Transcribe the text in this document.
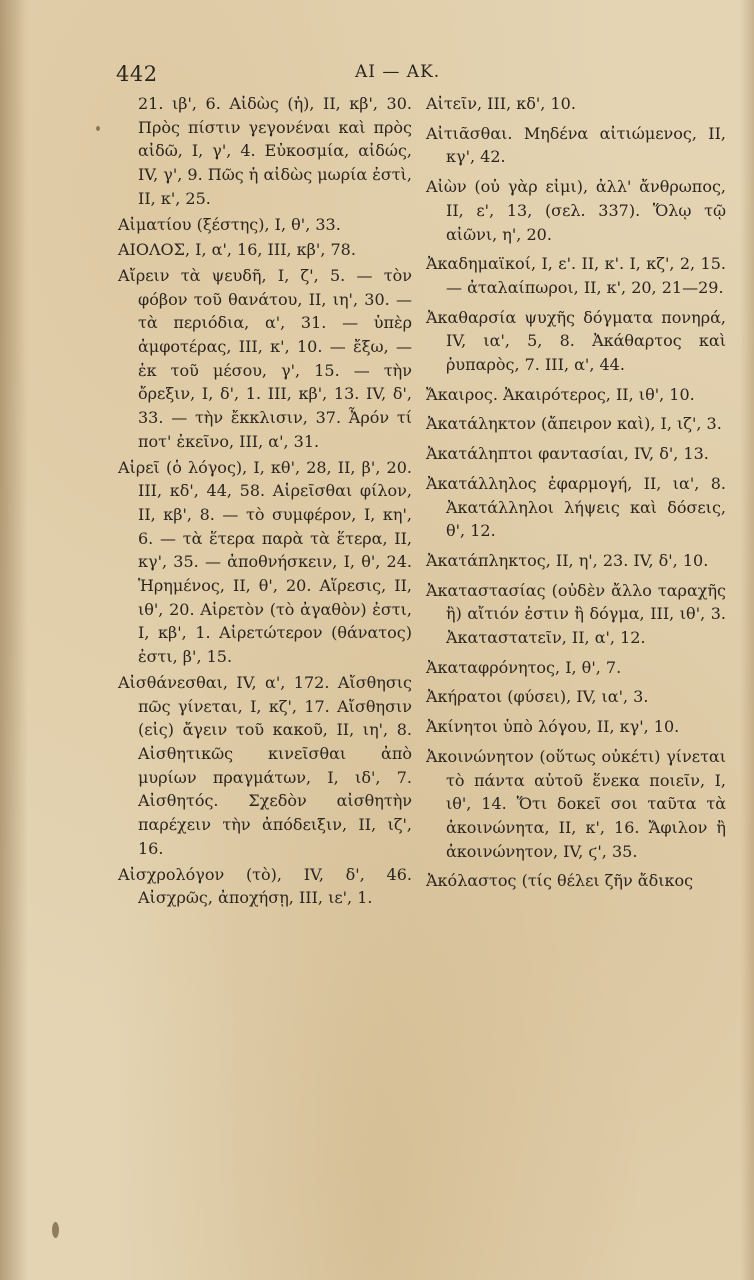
442	ΑΙ — ΑΚ.

21. ιβ', 6. Αἰδὼς (ἡ), ΙΙ, κβ', 30. Πρὸς πίστιν γεγονέναι καὶ πρὸς αἰδῶ, Ι, γ', 4. Εὐκοσμία, αἰδώς, ΙV, γ', 9. Πῶς ἡ αἰδὼς μωρία ἐστὶ, ΙΙ, κ', 25.

Αἰματίου (ξέστης), Ι, θ', 33.

ΑΙΟΛΟΣ, Ι, α', 16, ΙΙΙ, κβ', 78.

Αἴρειν τὰ ψευδῆ, Ι, ζ', 5. — τὸν φόβον τοῦ θανάτου, ΙΙ, ιη', 30. — τὰ περιόδια, α', 31. — ὑπὲρ ἀμφοτέρας, ΙΙΙ, κ', 10. — ἔξω, — ἐκ τοῦ μέσου, γ', 15. — τὴν ὄρεξιν, Ι, δ', 1. ΙΙΙ, κβ', 13. ΙV, δ', 33. — τὴν ἔκκλισιν, 37. Ἆρόν τί ποτ' ἐκεῖνο, ΙΙΙ, α', 31.

Αἱρεῖ (ὁ λόγος), Ι, κθ', 28, ΙΙ, β', 20. ΙΙΙ, κδ', 44, 58. Αἱρεῖσθαι φίλον, ΙΙ, κβ', 8. — τὸ συμφέρον, Ι, κη', 6. — τὰ ἕτερα παρὰ τὰ ἕτερα, ΙΙ, κγ', 35. — ἀποθνήσκειν, Ι, θ', 24. Ἡρημένος, ΙΙ, θ', 20. Αἵρεσις, ΙΙ, ιθ', 20. Αἱρετὸν (τὸ ἀγαθὸν) ἐστι, Ι, κβ', 1. Αἱρετώτερον (θάνατος) ἐστι, β', 15.

Αἰσθάνεσθαι, ΙV, α', 172. Αἴσθησις πῶς γίνεται, Ι, κζ', 17. Αἴσθησιν (εἰς) ἄγειν τοῦ κακοῦ, ΙΙ, ιη', 8. Αἰσθητικῶς κινεῖσθαι ἀπὸ μυρίων πραγμάτων, Ι, ιδ', 7. Αἰσθητός. Σχεδὸν αἰσθητὴν παρέχειν τὴν ἀπόδειξιν, ΙΙ, ιζ', 16.

Αἰσχρολόγον (τὸ), ΙV, δ', 46. Αἰσχρῶς, ἀποχήσῃ, ΙΙΙ, ιε', 1.

Αἰτεῖν, ΙΙΙ, κδ', 10.

Αἰτιᾶσθαι. Μηδένα αἰτιώμενος, ΙΙ, κγ', 42.

Αἰὼν (οὐ γὰρ εἰμι), ἀλλ' ἄνθρωπος, ΙΙ, ε', 13, (σελ. 337). Ὅλῳ τῷ αἰῶνι, η', 20.

Ἀκαδημαϊκοί, Ι, ε'. ΙΙ, κ'. Ι, κζ', 2, 15. — ἀταλαίπωροι, ΙΙ, κ', 20, 21—29.

Ἀκαθαρσία ψυχῆς δόγματα πονηρά, ΙV, ια', 5, 8. Ἀκάθαρτος καὶ ῥυπαρὸς, 7. ΙΙΙ, α', 44.

Ἄκαιρος. Ἀκαιρότερος, ΙΙ, ιθ', 10.

Ἀκατάληκτον (ἄπειρον καὶ), Ι, ιζ', 3.

Ἀκατάληπτοι φαντασίαι, ΙV, δ', 13.

Ἀκατάλληλος ἐφαρμογή, ΙΙ, ια', 8. Ἀκατάλληλοι λήψεις καὶ δόσεις, θ', 12.

Ἀκατάπληκτος, ΙΙ, η', 23. ΙV, δ', 10.

Ἀκαταστασίας (οὐδὲν ἄλλο ταραχῆς ἢ) αἴτιόν ἐστιν ἢ δόγμα, ΙΙΙ, ιθ', 3. Ἀκαταστατεῖν, ΙΙ, α', 12.

Ἀκαταφρόνητος, Ι, θ', 7.

Ἀκήρατοι (φύσει), ΙV, ια', 3.

Ἀκίνητοι ὑπὸ λόγου, ΙΙ, κγ', 10.

Ἀκοινώνητον (οὕτως οὐκέτι) γίνεται τὸ πάντα αὑτοῦ ἕνεκα ποιεῖν, Ι, ιθ', 14. Ὅτι δοκεῖ σοι ταῦτα τὰ ἀκοινώνητα, ΙΙ, κ', 16. Ἄφιλον ἢ ἀκοινώνητον, ΙV, ϛ', 35.

Ἀκόλαστος (τίς θέλει ζῆν ἄδικος
